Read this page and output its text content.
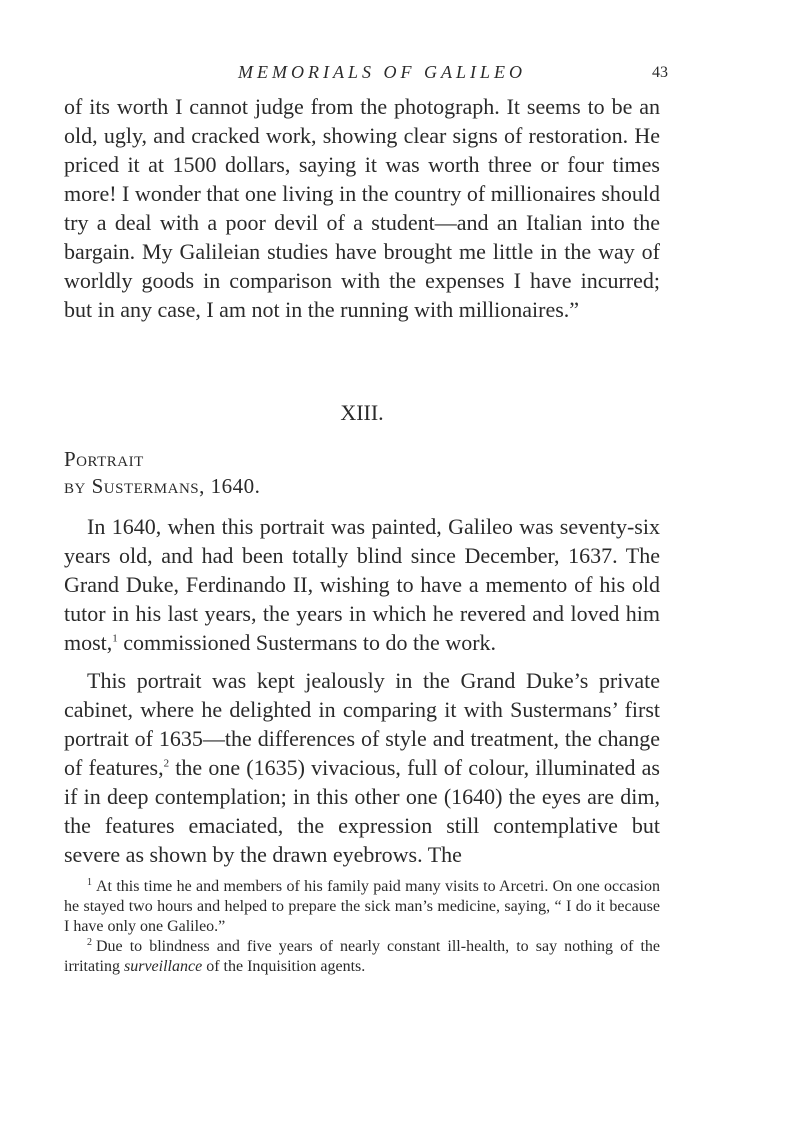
MEMORIALS OF GALILEO	43

of its worth I cannot judge from the photograph. It seems to be an old, ugly, and cracked work, showing clear signs of restoration. He priced it at 1500 dollars, saying it was worth three or four times more! I wonder that one living in the country of millionaires should try a deal with a poor devil of a student—and an Italian into the bargain. My Galileian studies have brought me little in the way of worldly goods in comparison with the expenses I have incurred; but in any case, I am not in the running with millionaires.”

XIII.
Portrait
by Sustermans, 1640.

In 1640, when this portrait was painted, Galileo was seventy-six years old, and had been totally blind since December, 1637. The Grand Duke, Ferdinando II, wishing to have a memento of his old tutor in his last years, the years in which he revered and loved him most,$^1$ commissioned Sustermans to do the work.

This portrait was kept jealously in the Grand Duke’s private cabinet, where he delighted in comparing it with Sustermans’ first portrait of 1635—the differences of style and treatment, the change of features,$^2$ the one (1635) vivacious, full of colour, illuminated as if in deep contemplation; in this other one (1640) the eyes are dim, the features emaciated, the expression still contemplative but severe as shown by the drawn eyebrows. The

$^1$ At this time he and members of his family paid many visits to Arcetri. On one occasion he stayed two hours and helped to prepare the sick man’s medicine, saying, “ I do it because I have only one Galileo.”

$^2$ Due to blindness and five years of nearly constant ill-health, to say nothing of the irritating surveillance of the Inquisition agents.
